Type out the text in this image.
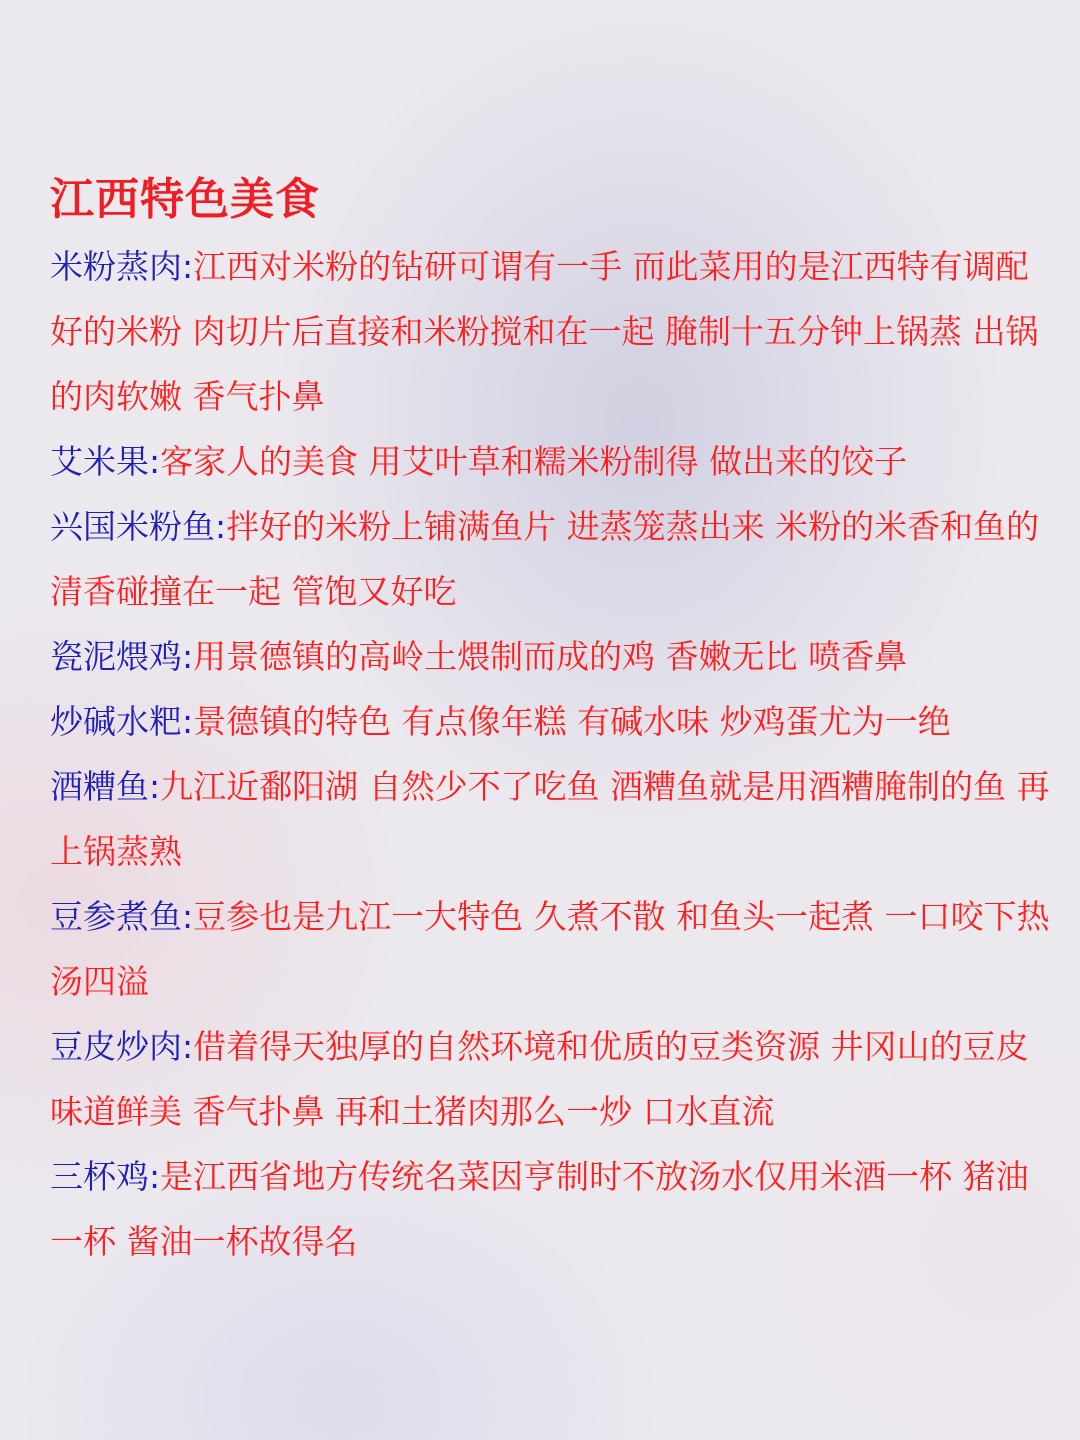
江西特色美食

米粉蒸肉:江西对米粉的钻研可谓有一手 而此菜用的是江西特有调配好的米粉 肉切片后直接和米粉搅和在一起 腌制十五分钟上锅蒸 出锅的肉软嫩 香气扑鼻

艾米果:客家人的美食 用艾叶草和糯米粉制得 做出来的饺子

兴国米粉鱼:拌好的米粉上铺满鱼片 进蒸笼蒸出来 米粉的米香和鱼的清香碰撞在一起 管饱又好吃

瓷泥煨鸡:用景德镇的高岭土煨制而成的鸡 香嫩无比 喷香鼻

炒碱水粑:景德镇的特色 有点像年糕 有碱水味 炒鸡蛋尤为一绝

酒糟鱼:九江近鄱阳湖 自然少不了吃鱼 酒糟鱼就是用酒糟腌制的鱼 再上锅蒸熟

豆参煮鱼:豆参也是九江一大特色 久煮不散 和鱼头一起煮 一口咬下热汤四溢

豆皮炒肉:借着得天独厚的自然环境和优质的豆类资源 井冈山的豆皮味道鲜美 香气扑鼻 再和土猪肉那么一炒 口水直流

三杯鸡:是江西省地方传统名菜因亨制时不放汤水仅用米酒一杯 猪油一杯 酱油一杯故得名
